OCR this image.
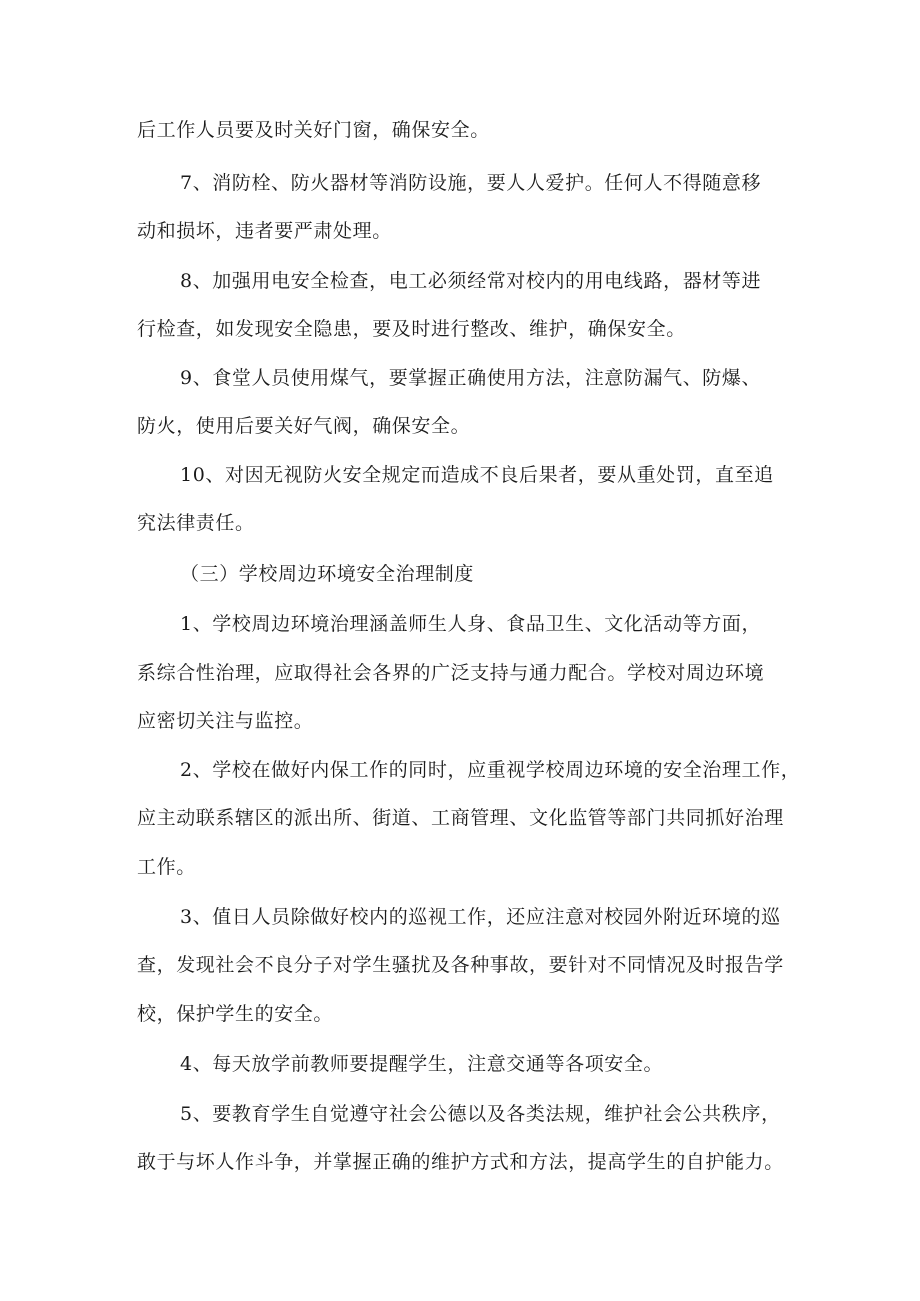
后工作人员要及时关好门窗，确保安全。
7、消防栓、防火器材等消防设施，要人人爱护。任何人不得随意移
动和损坏，违者要严肃处理。
8、加强用电安全检查，电工必须经常对校内的用电线路，器材等进
行检查，如发现安全隐患，要及时进行整改、维护，确保安全。
9、食堂人员使用煤气，要掌握正确使用方法，注意防漏气、防爆、
防火，使用后要关好气阀，确保安全。
10、对因无视防火安全规定而造成不良后果者，要从重处罚，直至追
究法律责任。
（三）学校周边环境安全治理制度
1、学校周边环境治理涵盖师生人身、食品卫生、文化活动等方面，
系综合性治理，应取得社会各界的广泛支持与通力配合。学校对周边环境
应密切关注与监控。
2、学校在做好内保工作的同时，应重视学校周边环境的安全治理工作，
应主动联系辖区的派出所、街道、工商管理、文化监管等部门共同抓好治理
工作。
3、值日人员除做好校内的巡视工作，还应注意对校园外附近环境的巡
查，发现社会不良分子对学生骚扰及各种事故，要针对不同情况及时报告学
校，保护学生的安全。
4、每天放学前教师要提醒学生，注意交通等各项安全。
5、要教育学生自觉遵守社会公德以及各类法规，维护社会公共秩序，
敢于与坏人作斗争，并掌握正确的维护方式和方法，提高学生的自护能力。
